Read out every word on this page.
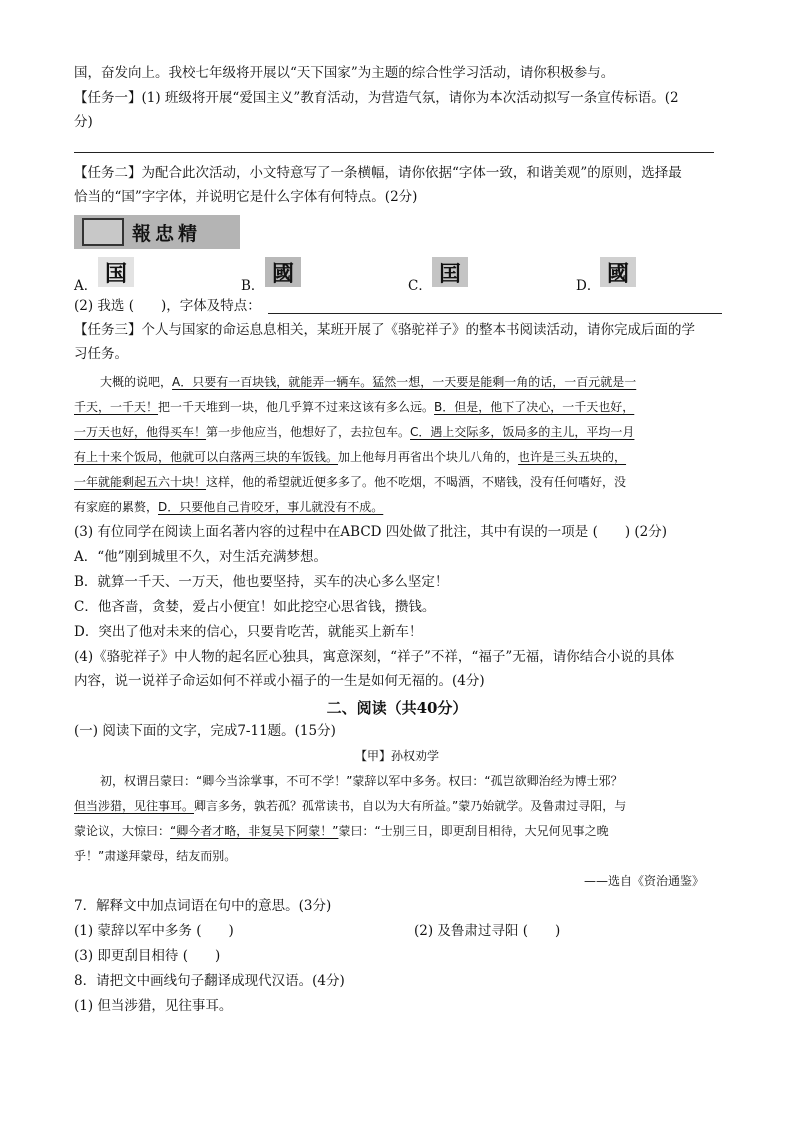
国，奋发向上。我校七年级将开展以“天下国家”为主题的综合性学习活动，请你积极参与。
【任务一】(1) 班级将开展“爱国主义”教育活动，为营造气氛，请你为本次活动拟写一条宣传标语。(2
分)
【任务二】为配合此次活动，小文特意写了一条横幅，请你依据“字体一致，和谐美观”的原则，选择最
恰当的“国”字字体，并说明它是什么字体有何特点。(2分)
報忠精
A． 国	B． 國	C． 囯	D． 國
(2) 我选 (　　)，字体及特点：
【任务三】个人与国家的命运息息相关，某班开展了《骆驼祥子》的整本书阅读活动，请你完成后面的学
习任务。
大概的说吧，A．只要有一百块钱，就能弄一辆车。猛然一想，一天要是能剩一角的话，一百元就是一
千天，一千天！把一千天堆到一块，他几乎算不过来这该有多么远。B．但是，他下了决心，一千天也好，
一万天也好，他得买车！第一步他应当，他想好了，去拉包车。C．遇上交际多，饭局多的主儿，平均一月
有上十来个饭局，他就可以白落两三块的车饭钱。加上他每月再省出个块儿八角的，也许是三头五块的，
一年就能剩起五六十块！这样，他的希望就近便多多了。他不吃烟，不喝酒，不赌钱，没有任何嗜好，没
有家庭的累赘，D．只要他自己肯咬牙，事儿就没有不成。
(3) 有位同学在阅读上面名著内容的过程中在ABCD 四处做了批注，其中有误的一项是 (　　) (2分)
A．“他”刚到城里不久，对生活充满梦想。
B．就算一千天、一万天，他也要坚持，买车的决心多么坚定！
C．他吝啬，贪婪，爱占小便宜！如此挖空心思省钱，攒钱。
D．突出了他对未来的信心，只要肯吃苦，就能买上新车！
(4)《骆驼祥子》中人物的起名匠心独具，寓意深刻，“祥子”不祥，“福子”无福，请你结合小说的具体
内容，说一说祥子命运如何不祥或小福子的一生是如何无福的。(4分)
二、阅读（共40分）
(一) 阅读下面的文字，完成7-11题。(15分)
【甲】孙权劝学
初，权谓吕蒙曰：“卿今当涂掌事，不可不学！”蒙辞以军中多务。权曰：“孤岂欲卿治经为博士邪？
但当涉猎，见往事耳。卿言多务，孰若孤？孤常读书，自以为大有所益。”蒙乃始就学。及鲁肃过寻阳，与
蒙论议，大惊曰：“卿今者才略，非复吴下阿蒙！”蒙曰：“士别三日，即更刮目相待，大兄何见事之晚
乎！”肃遂拜蒙母，结友而别。
——选自《资治通鉴》
7．解释文中加点词语在句中的意思。(3分)
(1) 蒙辞以军中多务 (　　)	(2) 及鲁肃过寻阳 (　　)
(3) 即更刮目相待 (　　)
8．请把文中画线句子翻译成现代汉语。(4分)
(1) 但当涉猎，见往事耳。
